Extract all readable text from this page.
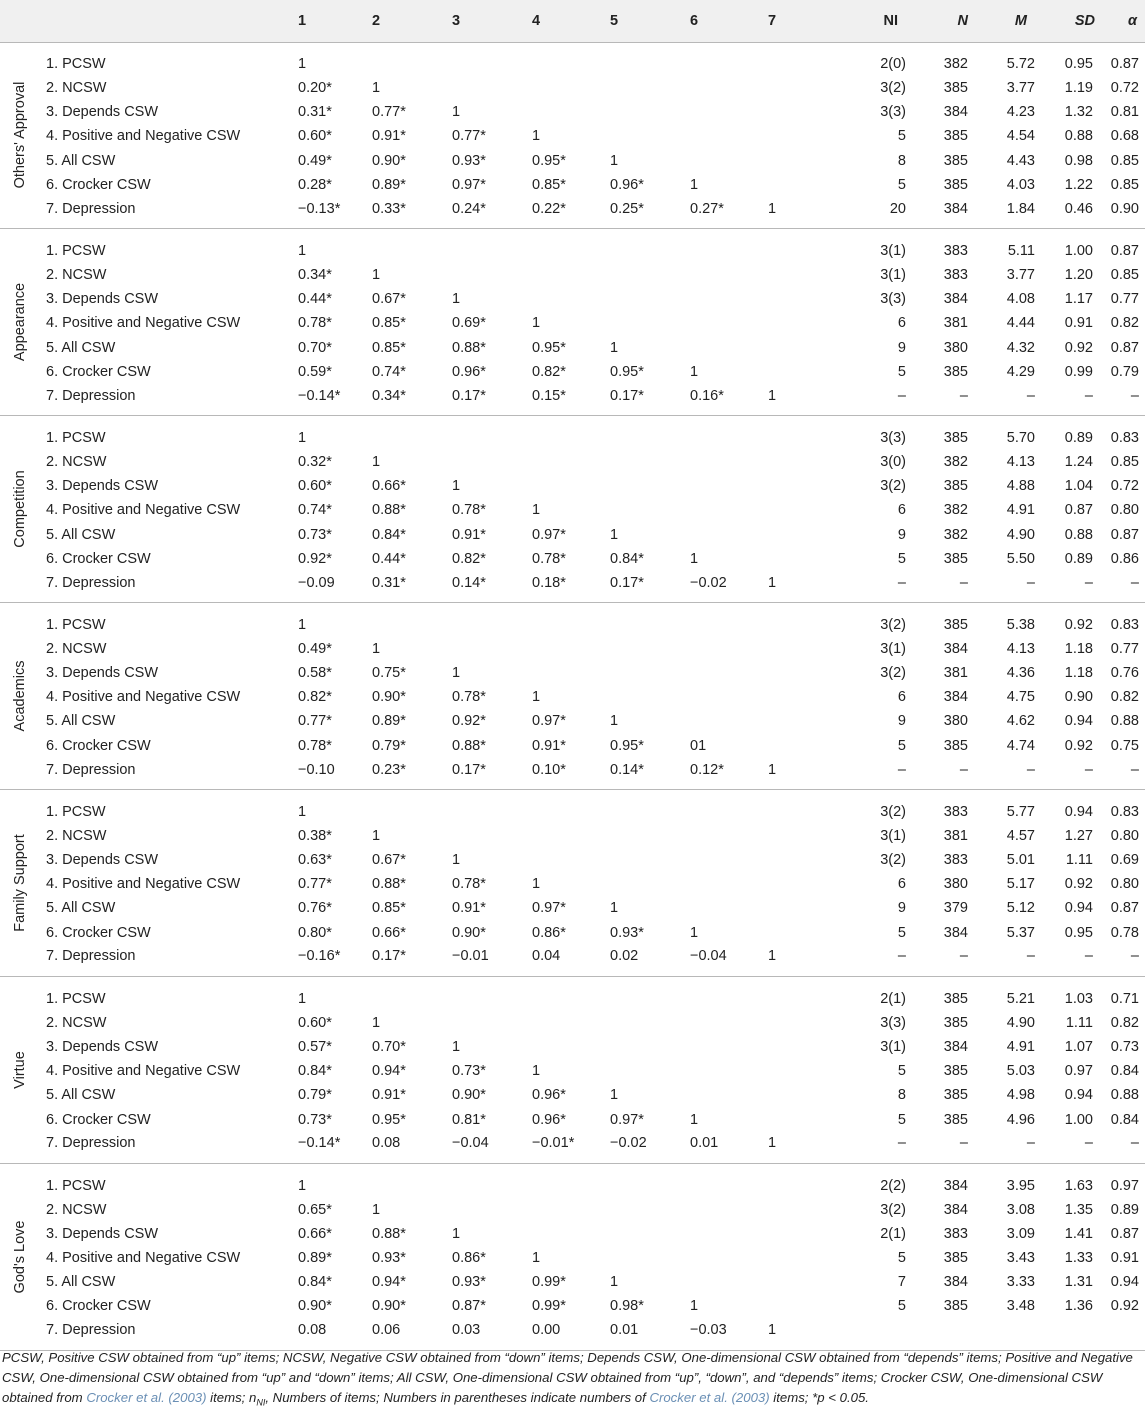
		1	2	3	4	5	6	7	NI	N	M	SD	α

Others' Approval	1. PCSW	1							2(0)	382	5.72	0.95	0.87
	2. NCSW	0.20*	1						3(2)	385	3.77	1.19	0.72
	3. Depends CSW	0.31*	0.77*	1					3(3)	384	4.23	1.32	0.81
	4. Positive and Negative CSW	0.60*	0.91*	0.77*	1				5	385	4.54	0.88	0.68
	5. All CSW	0.49*	0.90*	0.93*	0.95*	1			8	385	4.43	0.98	0.85
	6. Crocker CSW	0.28*	0.89*	0.97*	0.85*	0.96*	1		5	385	4.03	1.22	0.85
	7. Depression	−0.13*	0.33*	0.24*	0.22*	0.25*	0.27*	1	20	384	1.84	0.46	0.90

Appearance	1. PCSW	1							3(1)	383	5.11	1.00	0.87
	2. NCSW	0.34*	1						3(1)	383	3.77	1.20	0.85
	3. Depends CSW	0.44*	0.67*	1					3(3)	384	4.08	1.17	0.77
	4. Positive and Negative CSW	0.78*	0.85*	0.69*	1				6	381	4.44	0.91	0.82
	5. All CSW	0.70*	0.85*	0.88*	0.95*	1			9	380	4.32	0.92	0.87
	6. Crocker CSW	0.59*	0.74*	0.96*	0.82*	0.95*	1		5	385	4.29	0.99	0.79
	7. Depression	−0.14*	0.34*	0.17*	0.15*	0.17*	0.16*	1	–	–	–	–	–

Competition	1. PCSW	1							3(3)	385	5.70	0.89	0.83
	2. NCSW	0.32*	1						3(0)	382	4.13	1.24	0.85
	3. Depends CSW	0.60*	0.66*	1					3(2)	385	4.88	1.04	0.72
	4. Positive and Negative CSW	0.74*	0.88*	0.78*	1				6	382	4.91	0.87	0.80
	5. All CSW	0.73*	0.84*	0.91*	0.97*	1			9	382	4.90	0.88	0.87
	6. Crocker CSW	0.92*	0.44*	0.82*	0.78*	0.84*	1		5	385	5.50	0.89	0.86
	7. Depression	−0.09	0.31*	0.14*	0.18*	0.17*	−0.02	1	–	–	–	–	–

Academics	1. PCSW	1							3(2)	385	5.38	0.92	0.83
	2. NCSW	0.49*	1						3(1)	384	4.13	1.18	0.77
	3. Depends CSW	0.58*	0.75*	1					3(2)	381	4.36	1.18	0.76
	4. Positive and Negative CSW	0.82*	0.90*	0.78*	1				6	384	4.75	0.90	0.82
	5. All CSW	0.77*	0.89*	0.92*	0.97*	1			9	380	4.62	0.94	0.88
	6. Crocker CSW	0.78*	0.79*	0.88*	0.91*	0.95*	01		5	385	4.74	0.92	0.75
	7. Depression	−0.10	0.23*	0.17*	0.10*	0.14*	0.12*	1	–	–	–	–	–

Family Support	1. PCSW	1							3(2)	383	5.77	0.94	0.83
	2. NCSW	0.38*	1						3(1)	381	4.57	1.27	0.80
	3. Depends CSW	0.63*	0.67*	1					3(2)	383	5.01	1.11	0.69
	4. Positive and Negative CSW	0.77*	0.88*	0.78*	1				6	380	5.17	0.92	0.80
	5. All CSW	0.76*	0.85*	0.91*	0.97*	1			9	379	5.12	0.94	0.87
	6. Crocker CSW	0.80*	0.66*	0.90*	0.86*	0.93*	1		5	384	5.37	0.95	0.78
	7. Depression	−0.16*	0.17*	−0.01	0.04	0.02	−0.04	1	–	–	–	–	–

Virtue	1. PCSW	1							2(1)	385	5.21	1.03	0.71
	2. NCSW	0.60*	1						3(3)	385	4.90	1.11	0.82
	3. Depends CSW	0.57*	0.70*	1					3(1)	384	4.91	1.07	0.73
	4. Positive and Negative CSW	0.84*	0.94*	0.73*	1				5	385	5.03	0.97	0.84
	5. All CSW	0.79*	0.91*	0.90*	0.96*	1			8	385	4.98	0.94	0.88
	6. Crocker CSW	0.73*	0.95*	0.81*	0.96*	0.97*	1		5	385	4.96	1.00	0.84
	7. Depression	−0.14*	0.08	−0.04	−0.01*	−0.02	0.01	1	–	–	–	–	–

God's Love	1. PCSW	1							2(2)	384	3.95	1.63	0.97
	2. NCSW	0.65*	1						3(2)	384	3.08	1.35	0.89
	3. Depends CSW	0.66*	0.88*	1					2(1)	383	3.09	1.41	0.87
	4. Positive and Negative CSW	0.89*	0.93*	0.86*	1				5	385	3.43	1.33	0.91
	5. All CSW	0.84*	0.94*	0.93*	0.99*	1			7	384	3.33	1.31	0.94
	6. Crocker CSW	0.90*	0.90*	0.87*	0.99*	0.98*	1		5	385	3.48	1.36	0.92
	7. Depression	0.08	0.06	0.03	0.00	0.01	−0.03	1					
PCSW, Positive CSW obtained from “up” items; NCSW, Negative CSW obtained from “down” items; Depends CSW, One-dimensional CSW obtained from “depends” items; Positive and Negative CSW, One-dimensional CSW obtained from “up” and “down” items; All CSW, One-dimensional CSW obtained from “up”, “down”, and “depends” items; Crocker CSW, One-dimensional CSW obtained from Crocker et al. (2003) items; $n_{NI}$, Numbers of items; Numbers in parentheses indicate numbers of Crocker et al. (2003) items; *p < 0.05.
